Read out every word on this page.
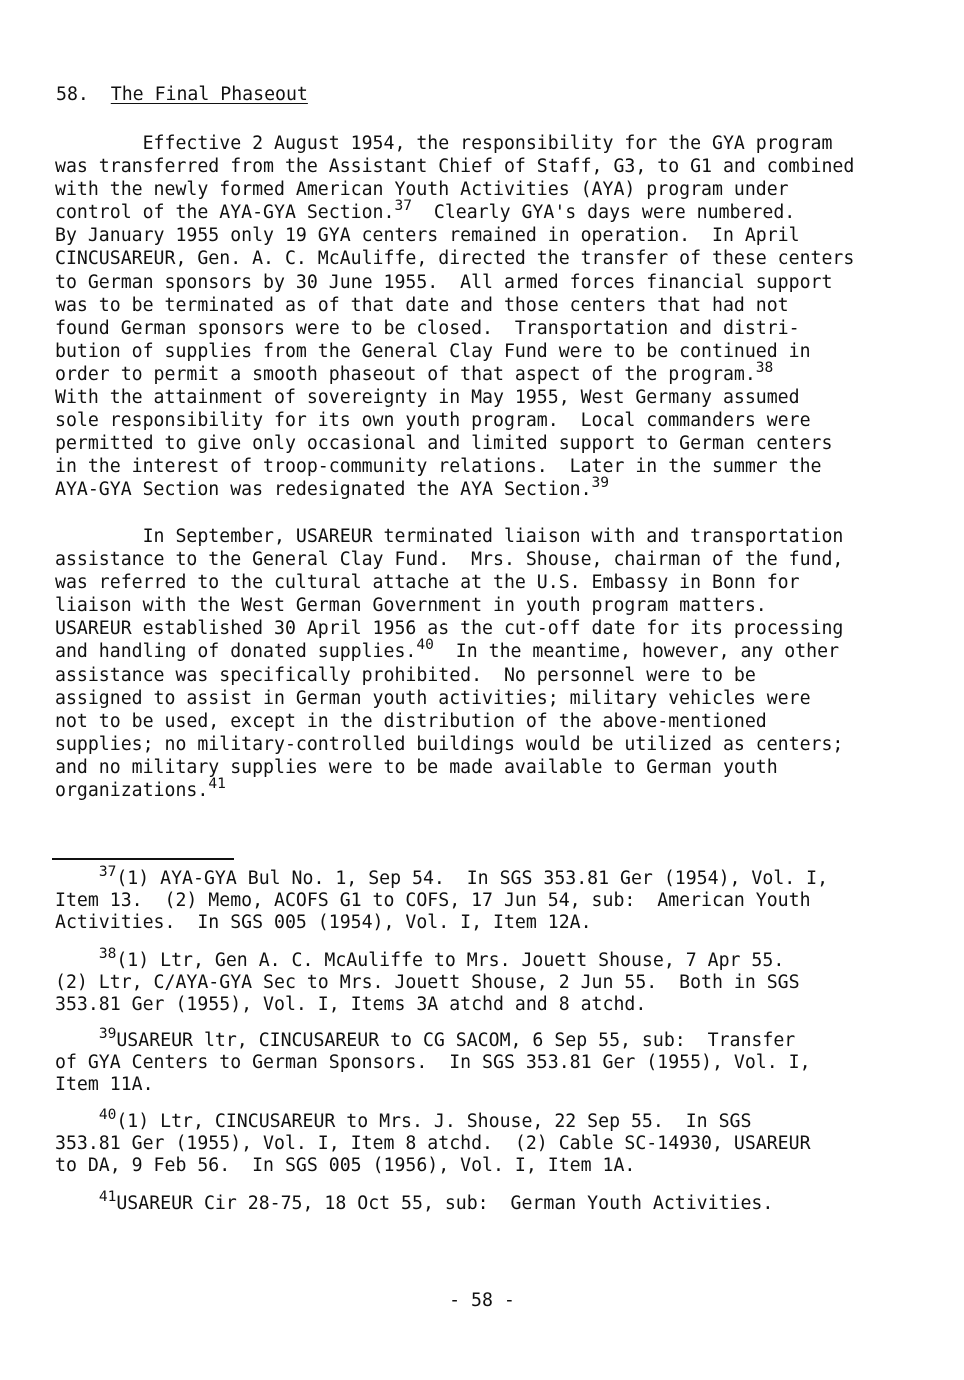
58. The Final Phaseout

Effective 2 August 1954, the responsibility for the GYA program
was transferred from the Assistant Chief of Staff, G3, to G1 and combined
with the newly formed American Youth Activities (AYA) program under
control of the AYA-GYA Section.$^{37}$  Clearly GYA's days were numbered.
By January 1955 only 19 GYA centers remained in operation.  In April
CINCUSAREUR, Gen. A. C. McAuliffe, directed the transfer of these centers
to German sponsors by 30 June 1955.  All armed forces financial support
was to be terminated as of that date and those centers that had not
found German sponsors were to be closed.  Transportation and distri-
bution of supplies from the General Clay Fund were to be continued in
order to permit a smooth phaseout of that aspect of the program.$^{38}$
With the attainment of sovereignty in May 1955, West Germany assumed
sole responsibility for its own youth program.  Local commanders were
permitted to give only occasional and limited support to German centers
in the interest of troop-community relations.  Later in the summer the
AYA-GYA Section was redesignated the AYA Section.$^{39}$

In September, USAREUR terminated liaison with and transportation
assistance to the General Clay Fund.  Mrs. Shouse, chairman of the fund,
was referred to the cultural attache at the U.S. Embassy in Bonn for
liaison with the West German Government in youth program matters.
USAREUR established 30 April 1956 as the cut-off date for its processing
and handling of donated supplies.$^{40}$  In the meantime, however, any other
assistance was specifically prohibited.  No personnel were to be
assigned to assist in German youth activities; military vehicles were
not to be used, except in the distribution of the above-mentioned
supplies; no military-controlled buildings would be utilized as centers;
and no military supplies were to be made available to German youth
organizations.$^{41}$

$^{37}$(1) AYA-GYA Bul No. 1, Sep 54.  In SGS 353.81 Ger (1954), Vol. I,
Item 13.  (2) Memo, ACOFS G1 to COFS, 17 Jun 54, sub:  American Youth
Activities.  In SGS 005 (1954), Vol. I, Item 12A.

$^{38}$(1) Ltr, Gen A. C. McAuliffe to Mrs. Jouett Shouse, 7 Apr 55.
(2) Ltr, C/AYA-GYA Sec to Mrs. Jouett Shouse, 2 Jun 55.  Both in SGS
353.81 Ger (1955), Vol. I, Items 3A atchd and 8 atchd.

$^{39}$USAREUR ltr, CINCUSAREUR to CG SACOM, 6 Sep 55, sub:  Transfer
of GYA Centers to German Sponsors.  In SGS 353.81 Ger (1955), Vol. I,
Item 11A.

$^{40}$(1) Ltr, CINCUSAREUR to Mrs. J. Shouse, 22 Sep 55.  In SGS
353.81 Ger (1955), Vol. I, Item 8 atchd.  (2) Cable SC-14930, USAREUR
to DA, 9 Feb 56.  In SGS 005 (1956), Vol. I, Item 1A.

$^{41}$USAREUR Cir 28-75, 18 Oct 55, sub:  German Youth Activities.

- 58 -
